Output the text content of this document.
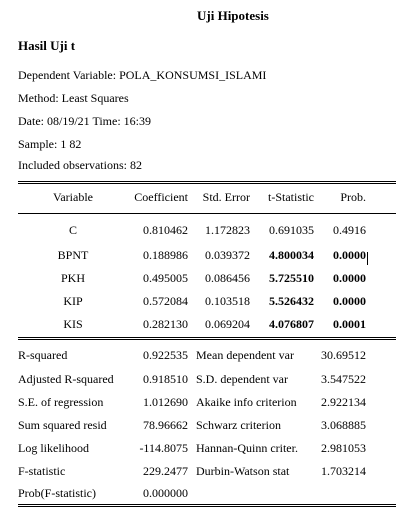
Uji Hipotesis
Hasil Uji t
Dependent Variable: POLA_KONSUMSI_ISLAMI
Method: Least Squares
Date: 08/19/21 Time: 16:39
Sample: 1 82
Included observations: 82
Variable	Coefficient	Std. Error	t-Statistic	Prob.
C	0.810462	1.172823	0.691035	0.4916
BPNT	0.188986	0.039372	4.800034	0.0000
PKH	0.495005	0.086456	5.725510	0.0000
KIP	0.572084	0.103518	5.526432	0.0000
KIS	0.282130	0.069204	4.076807	0.0001
R-squared	0.922535 Mean dependent var	30.69512
Adjusted R-squared	0.918510 S.D. dependent var	3.547522
S.E. of regression	1.012690 Akaike info criterion	2.922134
Sum squared resid	78.96662 Schwarz criterion	3.068885
Log likelihood	-114.8075 Hannan-Quinn criter.	2.981053
F-statistic	229.2477 Durbin-Watson stat	1.703214
Prob(F-statistic)	0.000000
